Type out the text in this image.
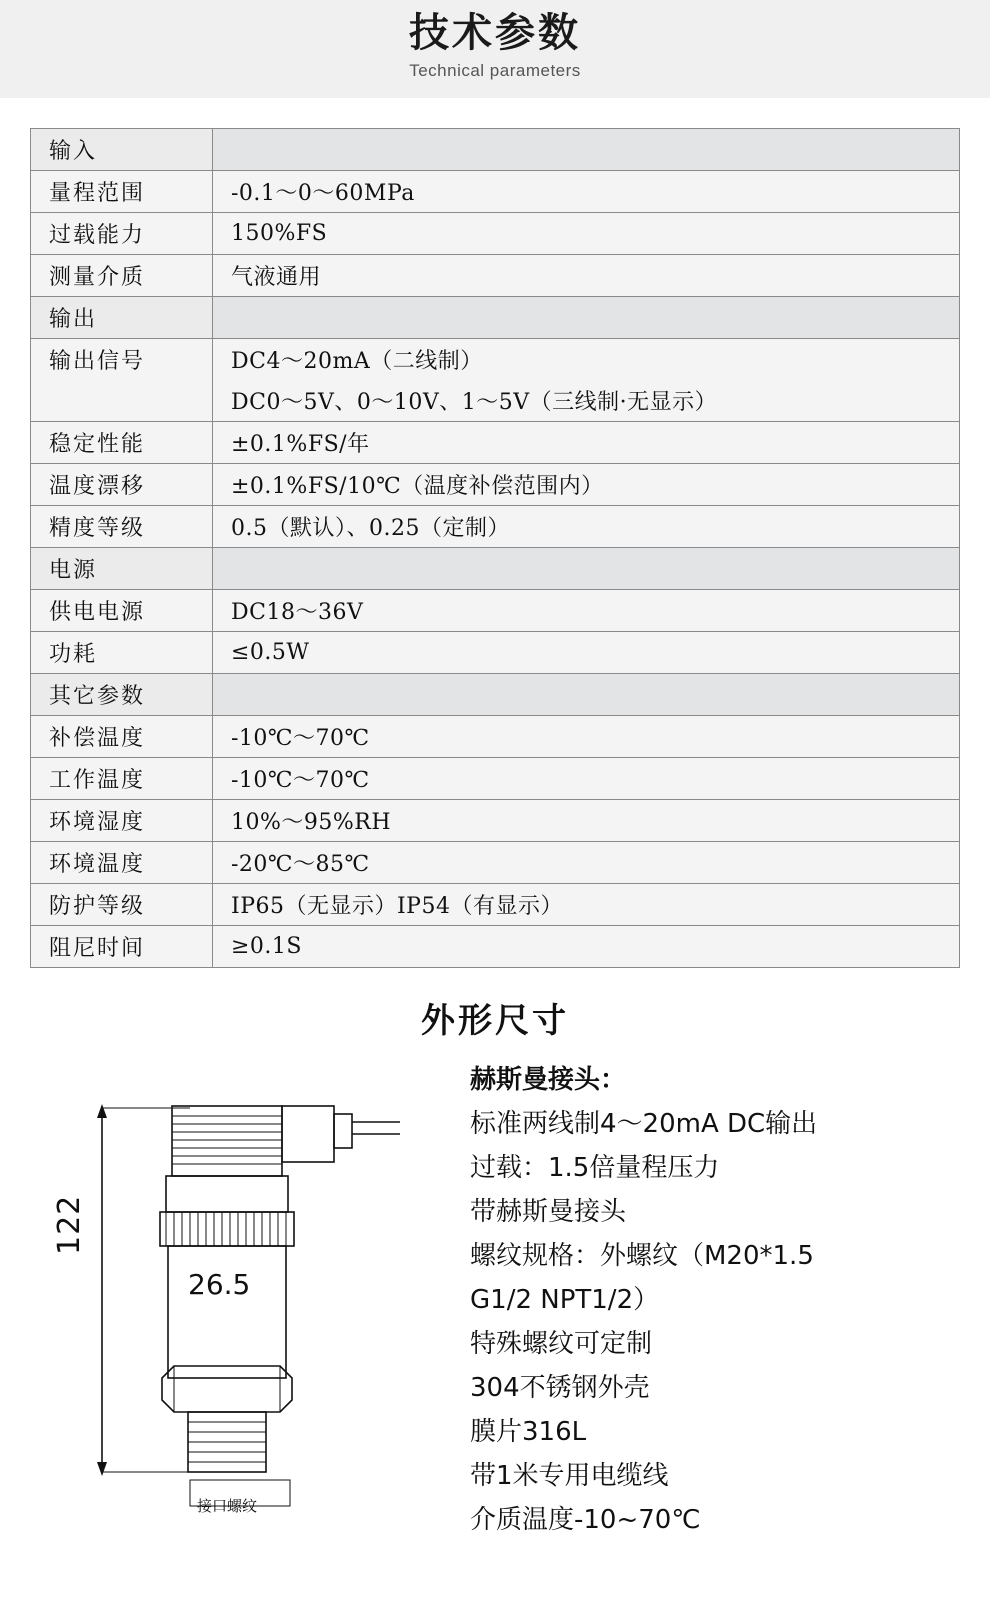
技术参数
Technical parameters
输入	
量程范围	-0.1～0～60MPa
过载能力	150%FS
测量介质	气液通用
输出	
输出信号	DC4～20mA（二线制）
	DC0～5V、0～10V、1～5V（三线制·无显示）
稳定性能	±0.1%FS/年
温度漂移	±0.1%FS/10℃（温度补偿范围内）
精度等级	0.5（默认）、0.25（定制）
电源	
供电电源	DC18～36V
功耗	≤0.5W
其它参数	
补偿温度	-10℃～70℃
工作温度	-10℃～70℃
环境湿度	10%～95%RH
环境温度	-20℃～85℃
防护等级	IP65（无显示）IP54（有显示）
阻尼时间	≥0.1S
外形尺寸
122
26.5
接口螺纹
赫斯曼接头：
标准两线制4～20mA DC输出
过载：1.5倍量程压力
带赫斯曼接头
螺纹规格：外螺纹（M20*1.5
G1/2 NPT1/2）
特殊螺纹可定制
304不锈钢外壳
膜片316L
带1米专用电缆线
介质温度-10~70℃
